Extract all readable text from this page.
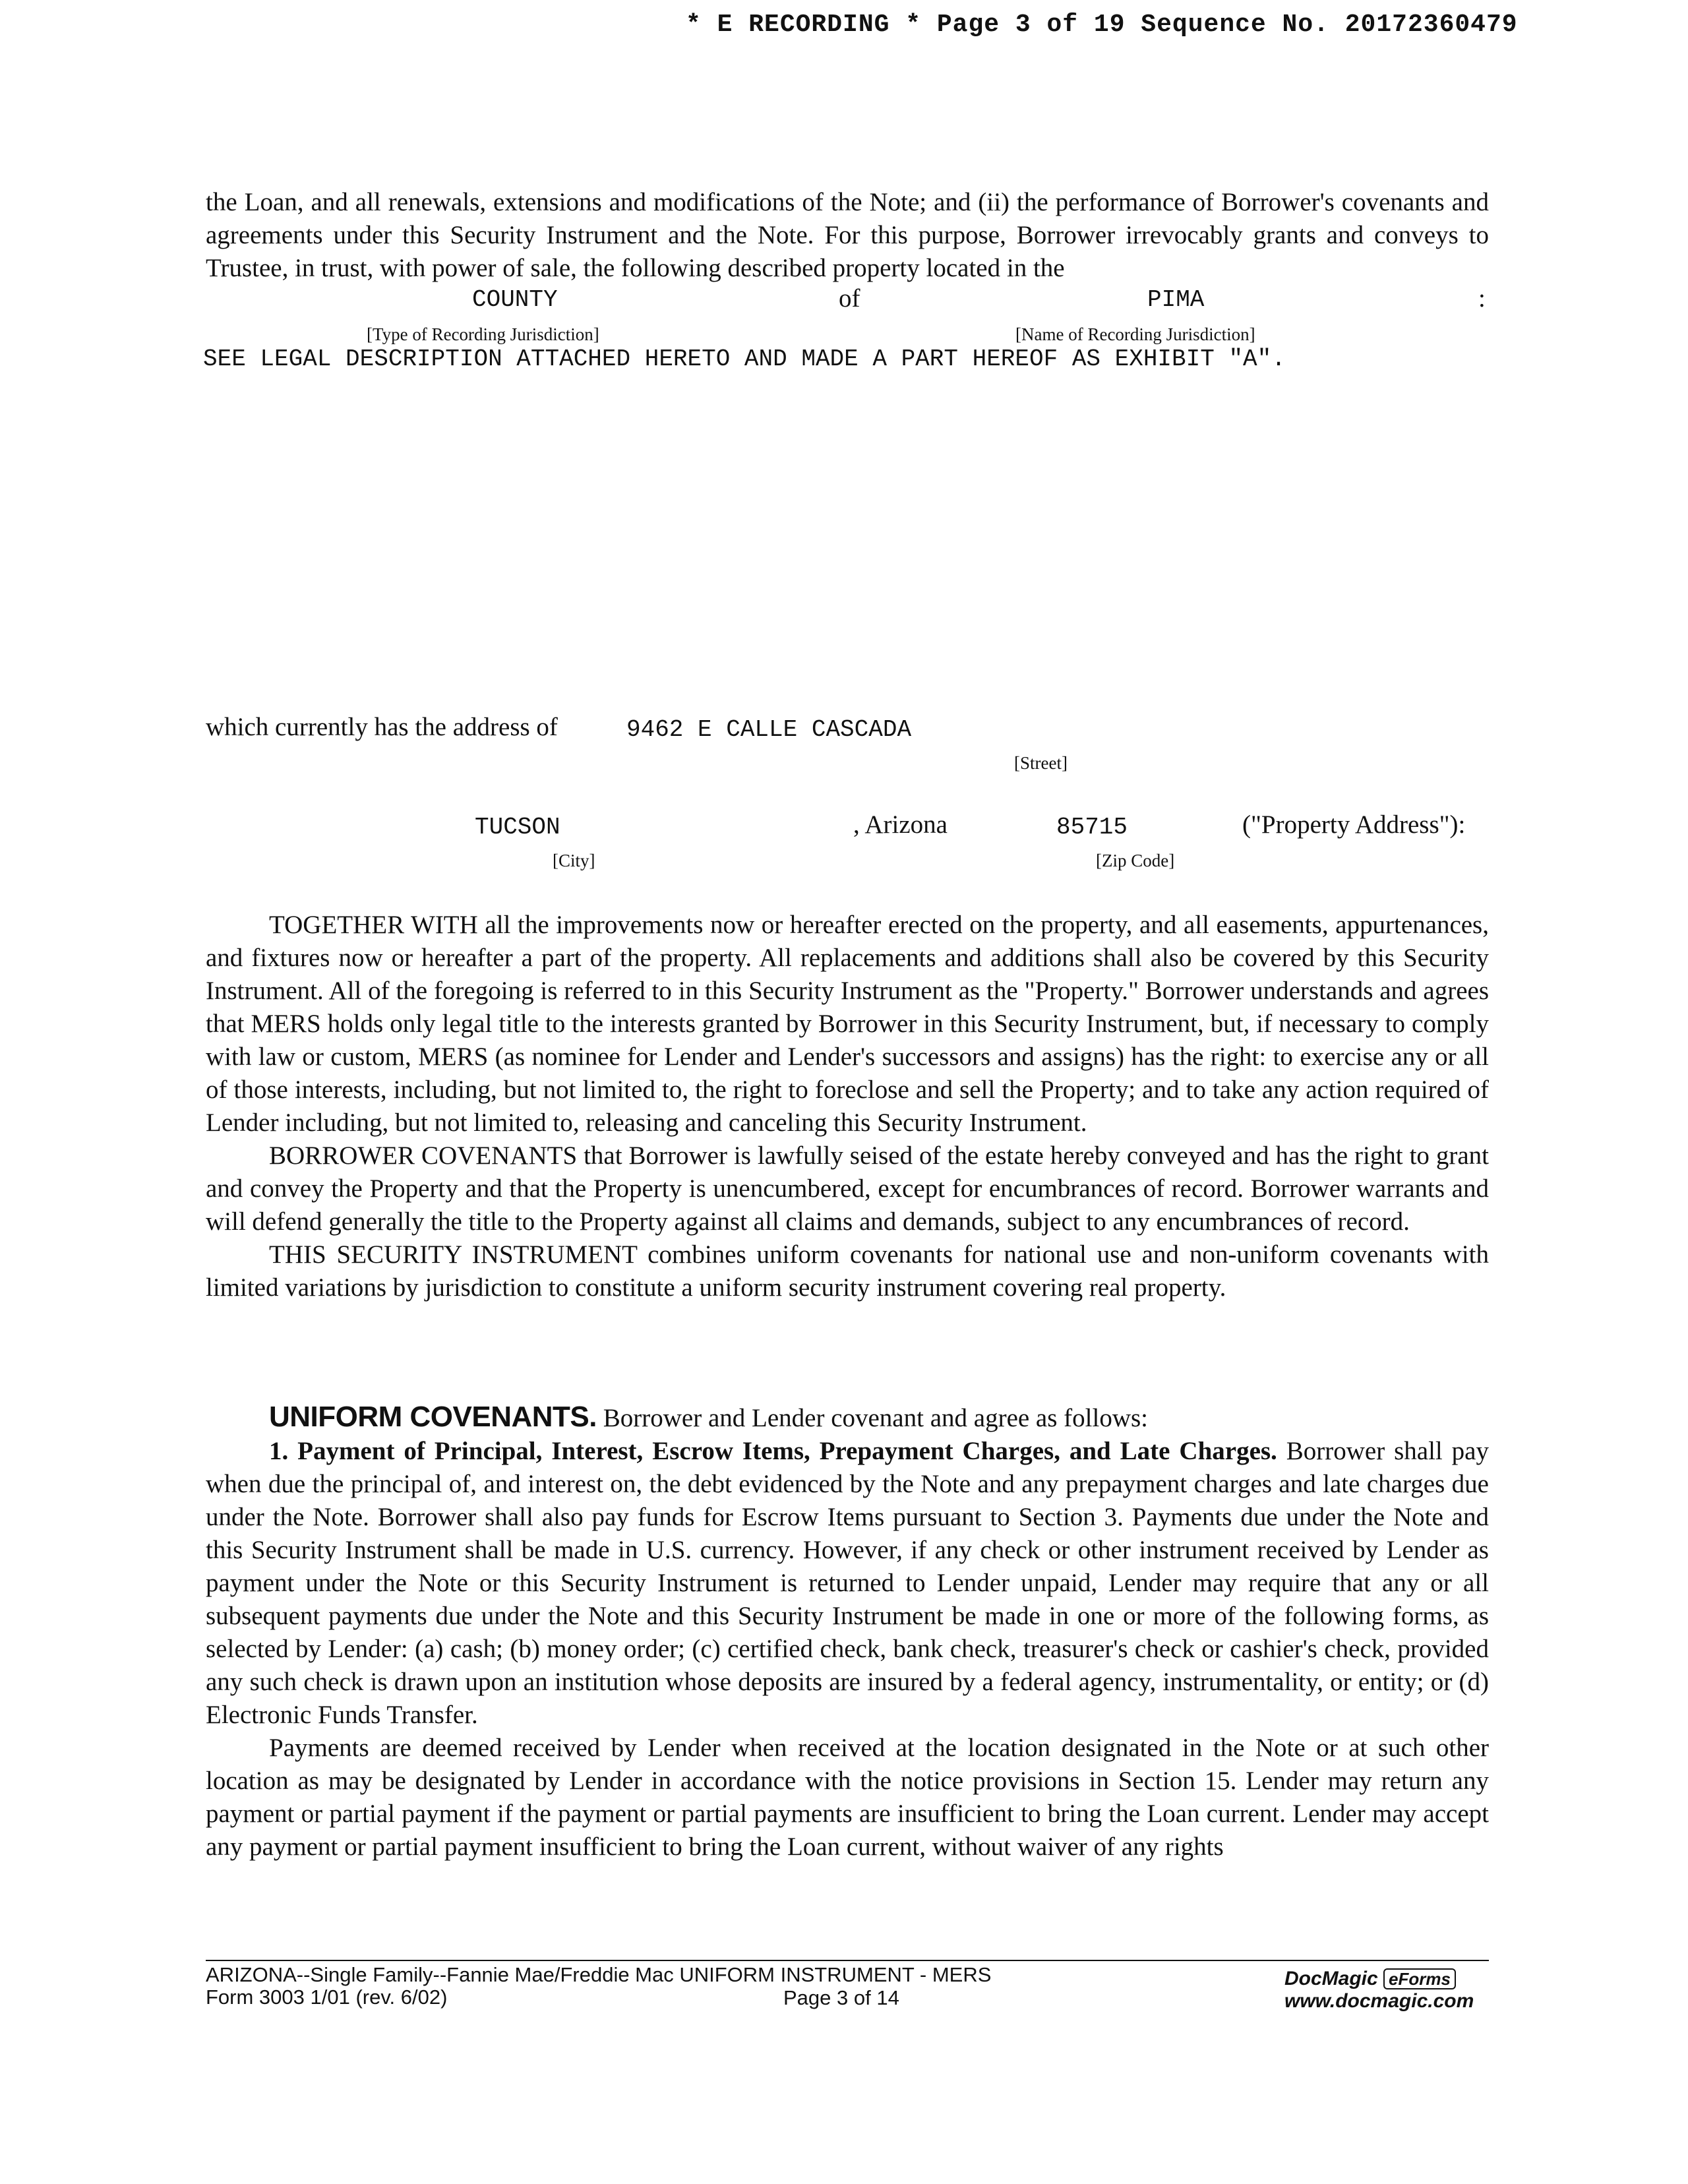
* E RECORDING * Page 3 of 19 Sequence No. 20172360479

the Loan, and all renewals, extensions and modifications of the Note; and (ii) the performance of Borrower's covenants and agreements under this Security Instrument and the Note. For this purpose, Borrower irrevocably grants and conveys to Trustee, in trust, with power of sale, the following described property located in the

COUNTY	of	PIMA	:
[Type of Recording Jurisdiction]	[Name of Recording Jurisdiction]
SEE LEGAL DESCRIPTION ATTACHED HERETO AND MADE A PART HEREOF AS EXHIBIT "A".
which currently has the address of	9462 E CALLE CASCADA
[Street]
TUCSON	, Arizona	85715	("Property Address"):
[City]	[Zip Code]

TOGETHER WITH all the improvements now or hereafter erected on the property, and all easements, appurtenances, and fixtures now or hereafter a part of the property. All replacements and additions shall also be covered by this Security Instrument. All of the foregoing is referred to in this Security Instrument as the "Property." Borrower understands and agrees that MERS holds only legal title to the interests granted by Borrower in this Security Instrument, but, if necessary to comply with law or custom, MERS (as nominee for Lender and Lender's successors and assigns) has the right: to exercise any or all of those interests, including, but not limited to, the right to foreclose and sell the Property; and to take any action required of Lender including, but not limited to, releasing and canceling this Security Instrument.

BORROWER COVENANTS that Borrower is lawfully seised of the estate hereby conveyed and has the right to grant and convey the Property and that the Property is unencumbered, except for encumbrances of record. Borrower warrants and will defend generally the title to the Property against all claims and demands, subject to any encumbrances of record.

THIS SECURITY INSTRUMENT combines uniform covenants for national use and non-uniform covenants with limited variations by jurisdiction to constitute a uniform security instrument covering real property.

UNIFORM COVENANTS. Borrower and Lender covenant and agree as follows:

1. Payment of Principal, Interest, Escrow Items, Prepayment Charges, and Late Charges. Borrower shall pay when due the principal of, and interest on, the debt evidenced by the Note and any prepayment charges and late charges due under the Note. Borrower shall also pay funds for Escrow Items pursuant to Section 3. Payments due under the Note and this Security Instrument shall be made in U.S. currency. However, if any check or other instrument received by Lender as payment under the Note or this Security Instrument is returned to Lender unpaid, Lender may require that any or all subsequent payments due under the Note and this Security Instrument be made in one or more of the following forms, as selected by Lender: (a) cash; (b) money order; (c) certified check, bank check, treasurer's check or cashier's check, provided any such check is drawn upon an institution whose deposits are insured by a federal agency, instrumentality, or entity; or (d) Electronic Funds Transfer.

Payments are deemed received by Lender when received at the location designated in the Note or at such other location as may be designated by Lender in accordance with the notice provisions in Section 15. Lender may return any payment or partial payment if the payment or partial payments are insufficient to bring the Loan current. Lender may accept any payment or partial payment insufficient to bring the Loan current, without waiver of any rights

ARIZONA--Single Family--Fannie Mae/Freddie Mac UNIFORM INSTRUMENT - MERS
Form 3003 1/01 (rev. 6/02)	Page 3 of 14
DocMagic eForms
www.docmagic.com
